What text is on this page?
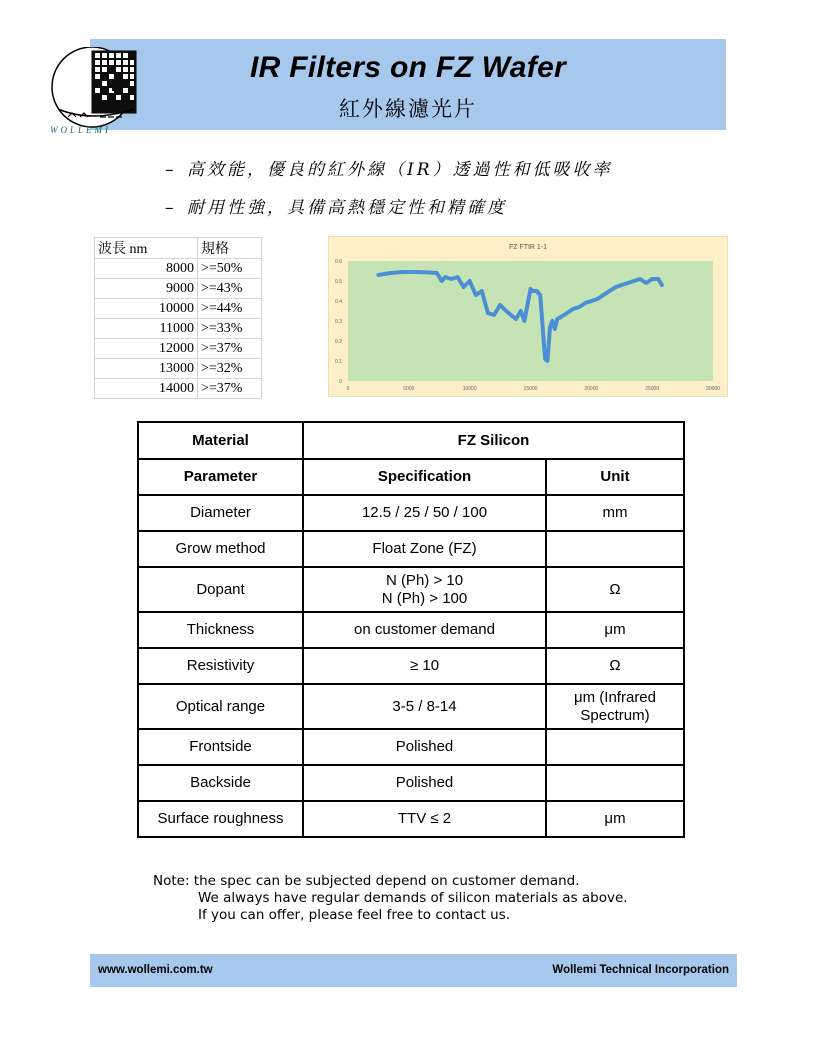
IR Filters on FZ Wafer
紅外線濾光片
WOLLEMI
– 高效能，優良的紅外線（IR）透過性和低吸收率
– 耐用性強，具備高熱穩定性和精確度
波長 nm	規格
8000	>=50%
9000	>=43%
10000	>=44%
11000	>=33%
12000	>=37%
13000	>=32%
14000	>=37%
FZ FTIR 1-1
0
0.1
0.2
0.3
0.4
0.5
0.6
0	5000	10000	15000	20000	25000	30000
Material	FZ Silicon	
Parameter	Specification	Unit
Diameter	12.5 / 25 / 50 / 100	mm
Grow method	Float Zone (FZ)	
Dopant	N (Ph) > 10
N (Ph) > 100	Ω
Thickness	on customer demand	μm
Resistivity	≥ 10	Ω
Optical range	3-5 / 8-14	μm (Infrared Spectrum)
Frontside	Polished	
Backside	Polished	
Surface roughness	TTV ≤ 2	μm
Note: the spec can be subjected depend on customer demand.
We always have regular demands of silicon materials as above.
If you can offer, please feel free to contact us.
www.wollemi.com.tw	Wollemi Technical Incorporation
